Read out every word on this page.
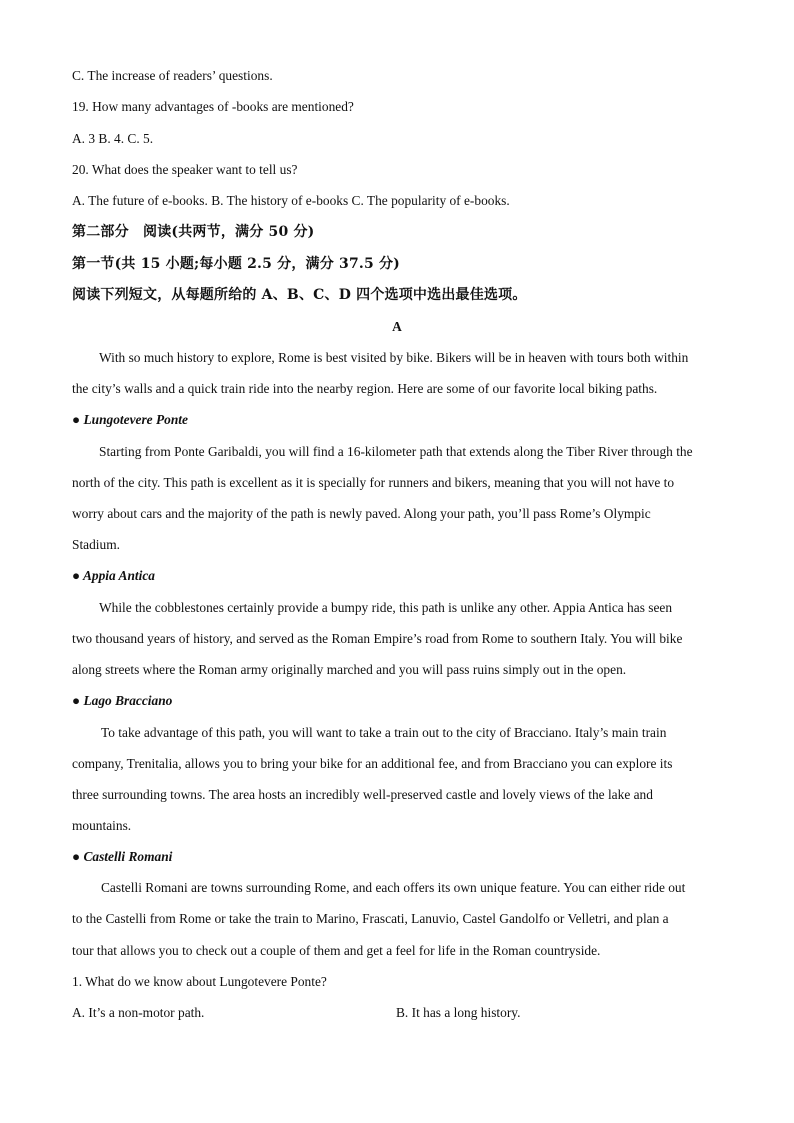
C. The increase of readers’ questions.
19. How many advantages of -books are mentioned?
A. 3 B. 4. C. 5.
20. What does the speaker want to tell us?
A. The future of e-books. B. The history of e-books C. The popularity of e-books.
第二部分　阅读(共两节，满分 50 分)
第一节(共 15 小题;每小题 2.5 分，满分 37.5 分)
阅读下列短文，从每题所给的 A、B、C、D 四个选项中选出最佳选项。
A
With so much history to explore, Rome is best visited by bike. Bikers will be in heaven with tours both within
the city’s walls and a quick train ride into the nearby region. Here are some of our favorite local biking paths.
● Lungotevere Ponte
Starting from Ponte Garibaldi, you will find a 16-kilometer path that extends along the Tiber River through the
north of the city. This path is excellent as it is specially for runners and bikers, meaning that you will not have to
worry about cars and the majority of the path is newly paved. Along your path, you’ll pass Rome’s Olympic
Stadium.
● Appia Antica
While the cobblestones certainly provide a bumpy ride, this path is unlike any other. Appia Antica has seen
two thousand years of history, and served as the Roman Empire’s road from Rome to southern Italy. You will bike
along streets where the Roman army originally marched and you will pass ruins simply out in the open.
● Lago Bracciano
To take advantage of this path, you will want to take a train out to the city of Bracciano. Italy’s main train
company, Trenitalia, allows you to bring your bike for an additional fee, and from Bracciano you can explore its
three surrounding towns. The area hosts an incredibly well-preserved castle and lovely views of the lake and
mountains.
● Castelli Romani
Castelli Romani are towns surrounding Rome, and each offers its own unique feature. You can either ride out
to the Castelli from Rome or take the train to Marino, Frascati, Lanuvio, Castel Gandolfo or Velletri, and plan a
tour that allows you to check out a couple of them and get a feel for life in the Roman countryside.
1. What do we know about Lungotevere Ponte?
A. It’s a non-motor path.	B. It has a long history.
